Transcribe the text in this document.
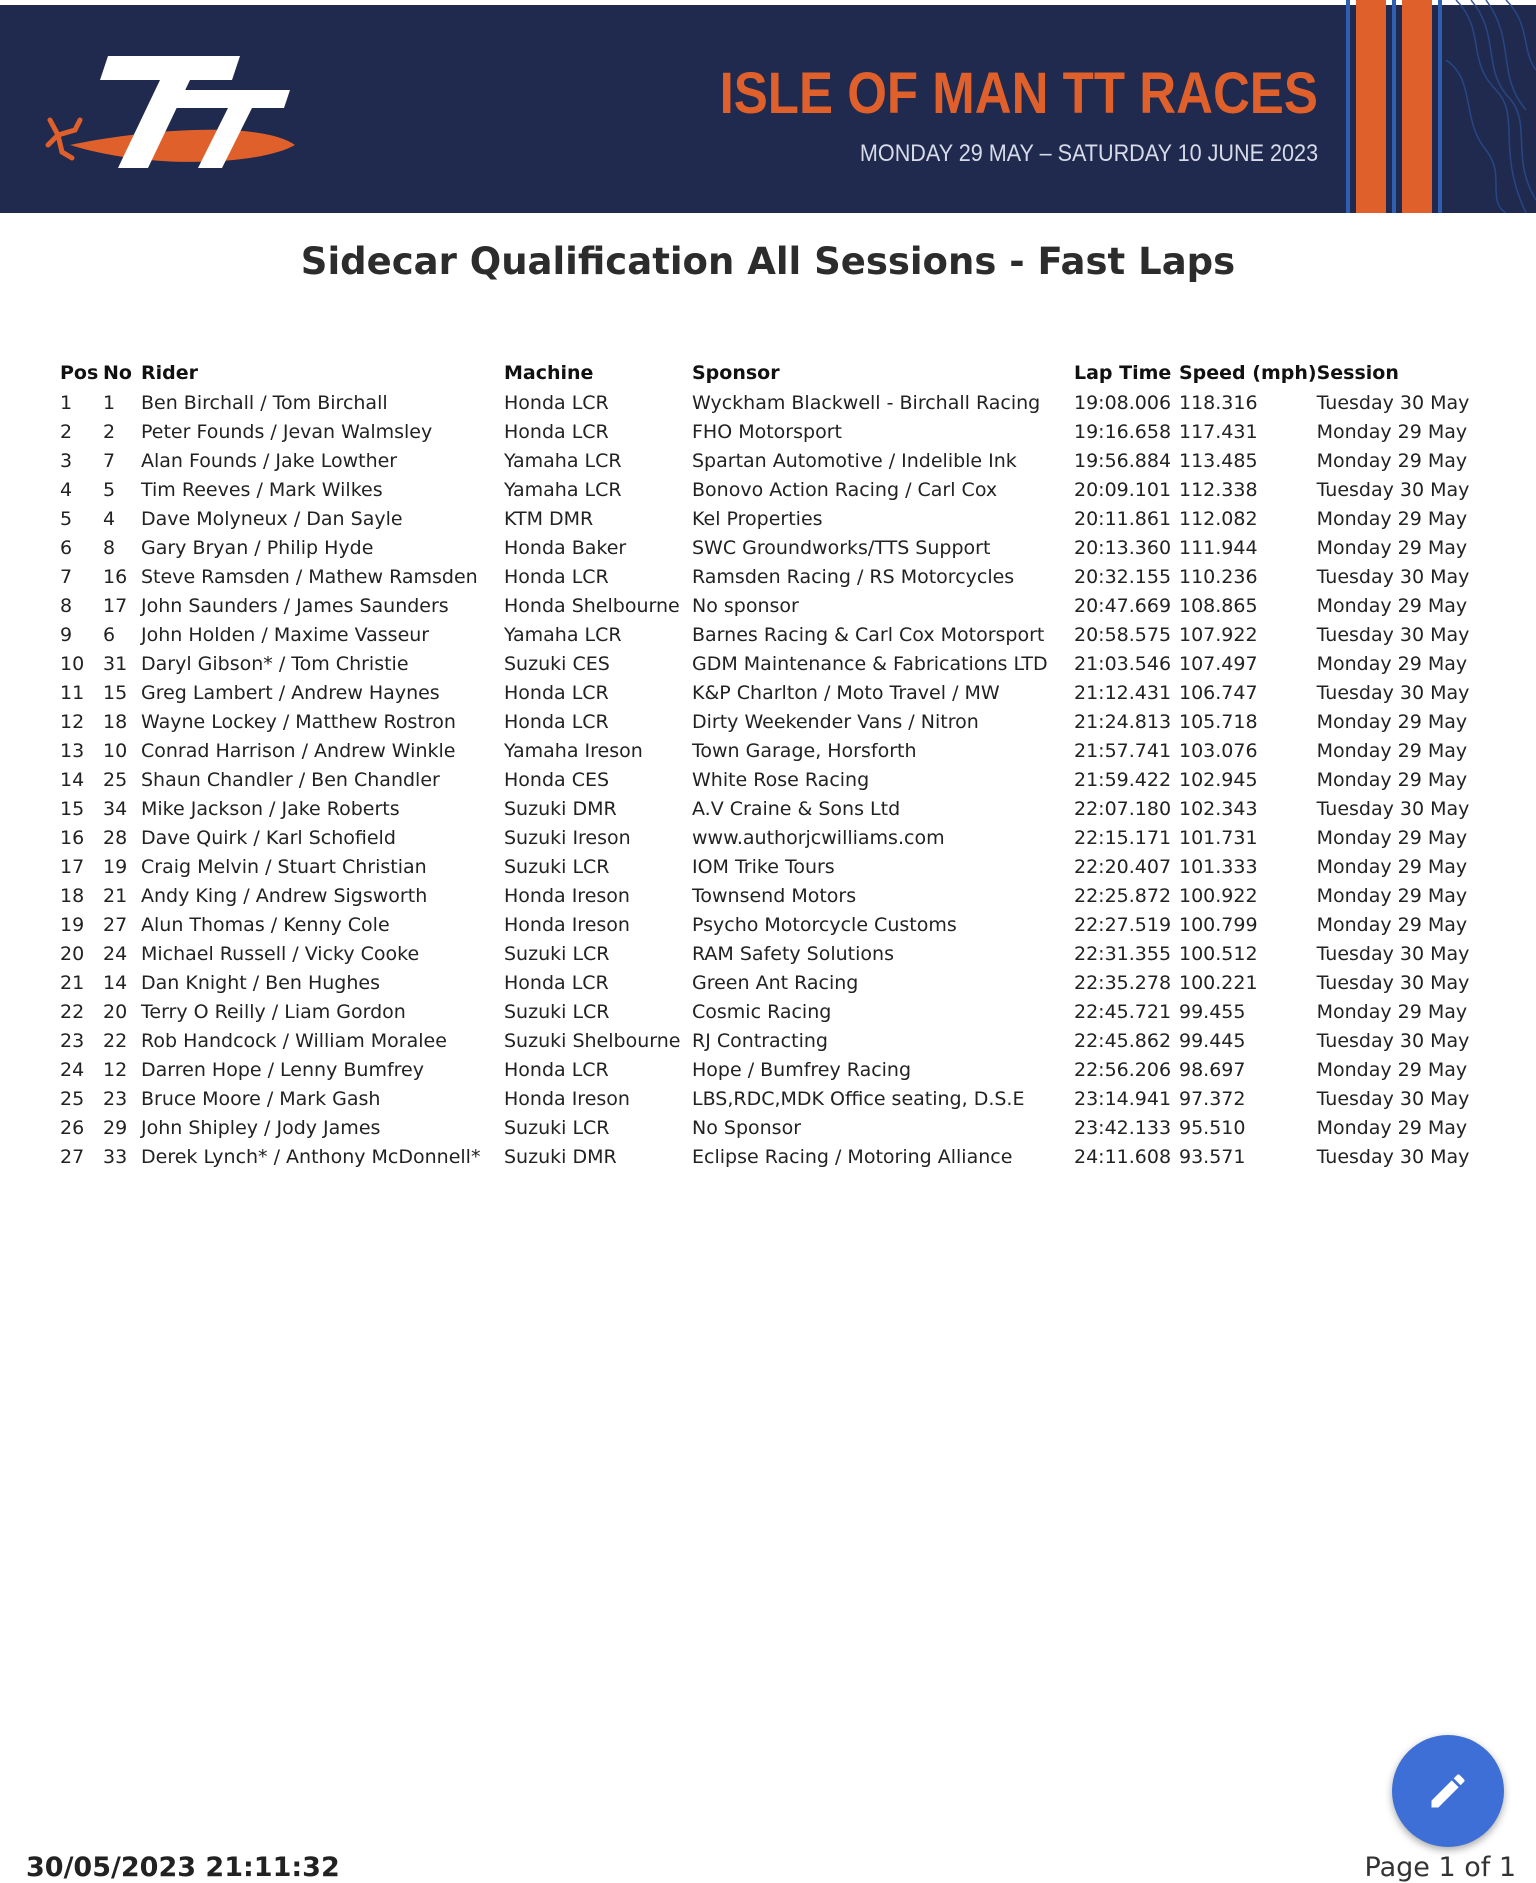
ISLE OF MAN TT RACES
MONDAY 29 MAY – SATURDAY 10 JUNE 2023
Sidecar Qualification All Sessions - Fast Laps
Pos	No	Rider	Machine	Sponsor	Lap Time	Speed (mph)	Session
1	1	Ben Birchall / Tom Birchall	Honda LCR	Wyckham Blackwell - Birchall Racing	19:08.006	118.316	Tuesday 30 May
2	2	Peter Founds / Jevan Walmsley	Honda LCR	FHO Motorsport	19:16.658	117.431	Monday 29 May
3	7	Alan Founds / Jake Lowther	Yamaha LCR	Spartan Automotive / Indelible Ink	19:56.884	113.485	Monday 29 May
4	5	Tim Reeves / Mark Wilkes	Yamaha LCR	Bonovo Action Racing / Carl Cox	20:09.101	112.338	Tuesday 30 May
5	4	Dave Molyneux / Dan Sayle	KTM DMR	Kel Properties	20:11.861	112.082	Monday 29 May
6	8	Gary Bryan / Philip Hyde	Honda Baker	SWC Groundworks/TTS Support	20:13.360	111.944	Monday 29 May
7	16	Steve Ramsden / Mathew Ramsden	Honda LCR	Ramsden Racing / RS Motorcycles	20:32.155	110.236	Tuesday 30 May
8	17	John Saunders / James Saunders	Honda Shelbourne	No sponsor	20:47.669	108.865	Monday 29 May
9	6	John Holden / Maxime Vasseur	Yamaha LCR	Barnes Racing & Carl Cox Motorsport	20:58.575	107.922	Tuesday 30 May
10	31	Daryl Gibson* / Tom Christie	Suzuki CES	GDM Maintenance & Fabrications LTD	21:03.546	107.497	Monday 29 May
11	15	Greg Lambert / Andrew Haynes	Honda LCR	K&P Charlton / Moto Travel / MW	21:12.431	106.747	Tuesday 30 May
12	18	Wayne Lockey / Matthew Rostron	Honda LCR	Dirty Weekender Vans / Nitron	21:24.813	105.718	Monday 29 May
13	10	Conrad Harrison / Andrew Winkle	Yamaha Ireson	Town Garage, Horsforth	21:57.741	103.076	Monday 29 May
14	25	Shaun Chandler / Ben Chandler	Honda CES	White Rose Racing	21:59.422	102.945	Monday 29 May
15	34	Mike Jackson / Jake Roberts	Suzuki DMR	A.V Craine & Sons Ltd	22:07.180	102.343	Tuesday 30 May
16	28	Dave Quirk / Karl Schofield	Suzuki Ireson	www.authorjcwilliams.com	22:15.171	101.731	Monday 29 May
17	19	Craig Melvin / Stuart Christian	Suzuki LCR	IOM Trike Tours	22:20.407	101.333	Monday 29 May
18	21	Andy King / Andrew Sigsworth	Honda Ireson	Townsend Motors	22:25.872	100.922	Monday 29 May
19	27	Alun Thomas / Kenny Cole	Honda Ireson	Psycho Motorcycle Customs	22:27.519	100.799	Monday 29 May
20	24	Michael Russell / Vicky Cooke	Suzuki LCR	RAM Safety Solutions	22:31.355	100.512	Tuesday 30 May
21	14	Dan Knight / Ben Hughes	Honda LCR	Green Ant Racing	22:35.278	100.221	Tuesday 30 May
22	20	Terry O Reilly / Liam Gordon	Suzuki LCR	Cosmic Racing	22:45.721	99.455	Monday 29 May
23	22	Rob Handcock / William Moralee	Suzuki Shelbourne	RJ Contracting	22:45.862	99.445	Tuesday 30 May
24	12	Darren Hope / Lenny Bumfrey	Honda LCR	Hope / Bumfrey Racing	22:56.206	98.697	Monday 29 May
25	23	Bruce Moore / Mark Gash	Honda Ireson	LBS,RDC,MDK Office seating, D.S.E	23:14.941	97.372	Tuesday 30 May
26	29	John Shipley / Jody James	Suzuki LCR	No Sponsor	23:42.133	95.510	Monday 29 May
27	33	Derek Lynch* / Anthony McDonnell*	Suzuki DMR	Eclipse Racing / Motoring Alliance	24:11.608	93.571	Tuesday 30 May
30/05/2023 21:11:32	Page 1 of 1
